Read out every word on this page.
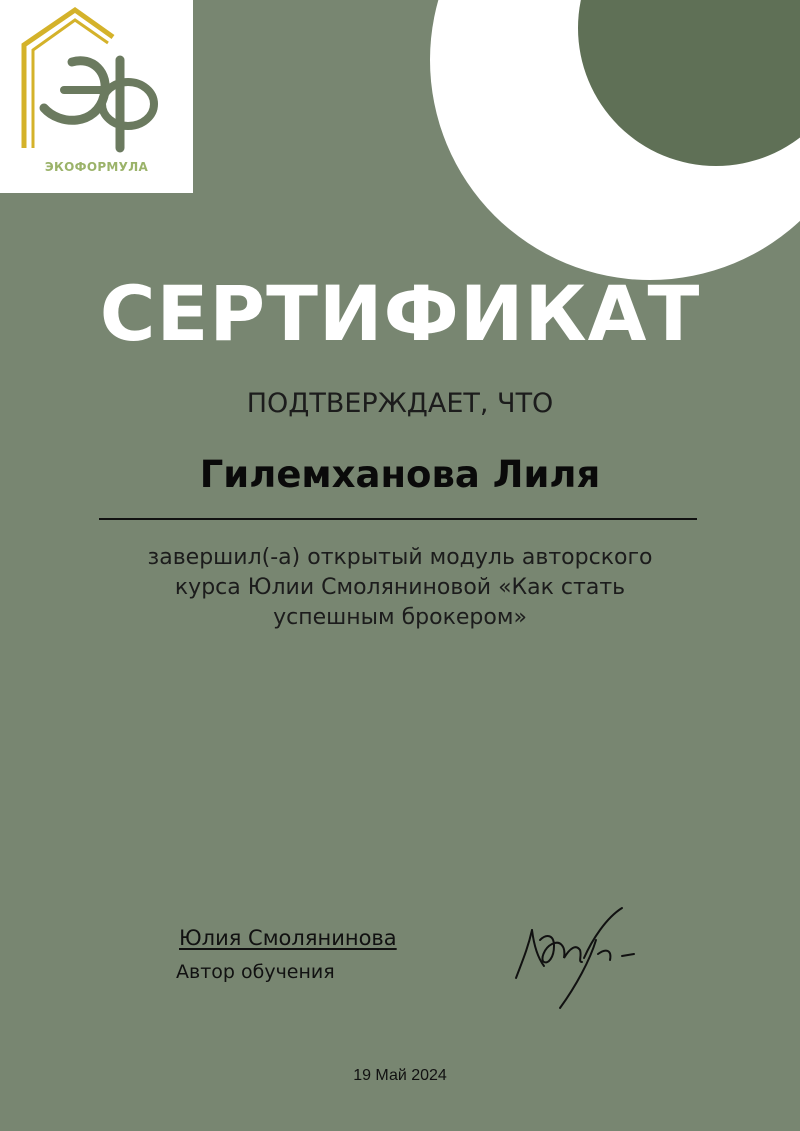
ЭКОФОРМУЛА
СЕРТИФИКАТ
ПОДТВЕРЖДАЕТ, ЧТО
Гилемханова Лиля
завершил(-а) открытый модуль авторского курса Юлии Смоляниновой «Как стать успешным брокером»
Юлия Смолянинова
Автор обучения
19 Май 2024
